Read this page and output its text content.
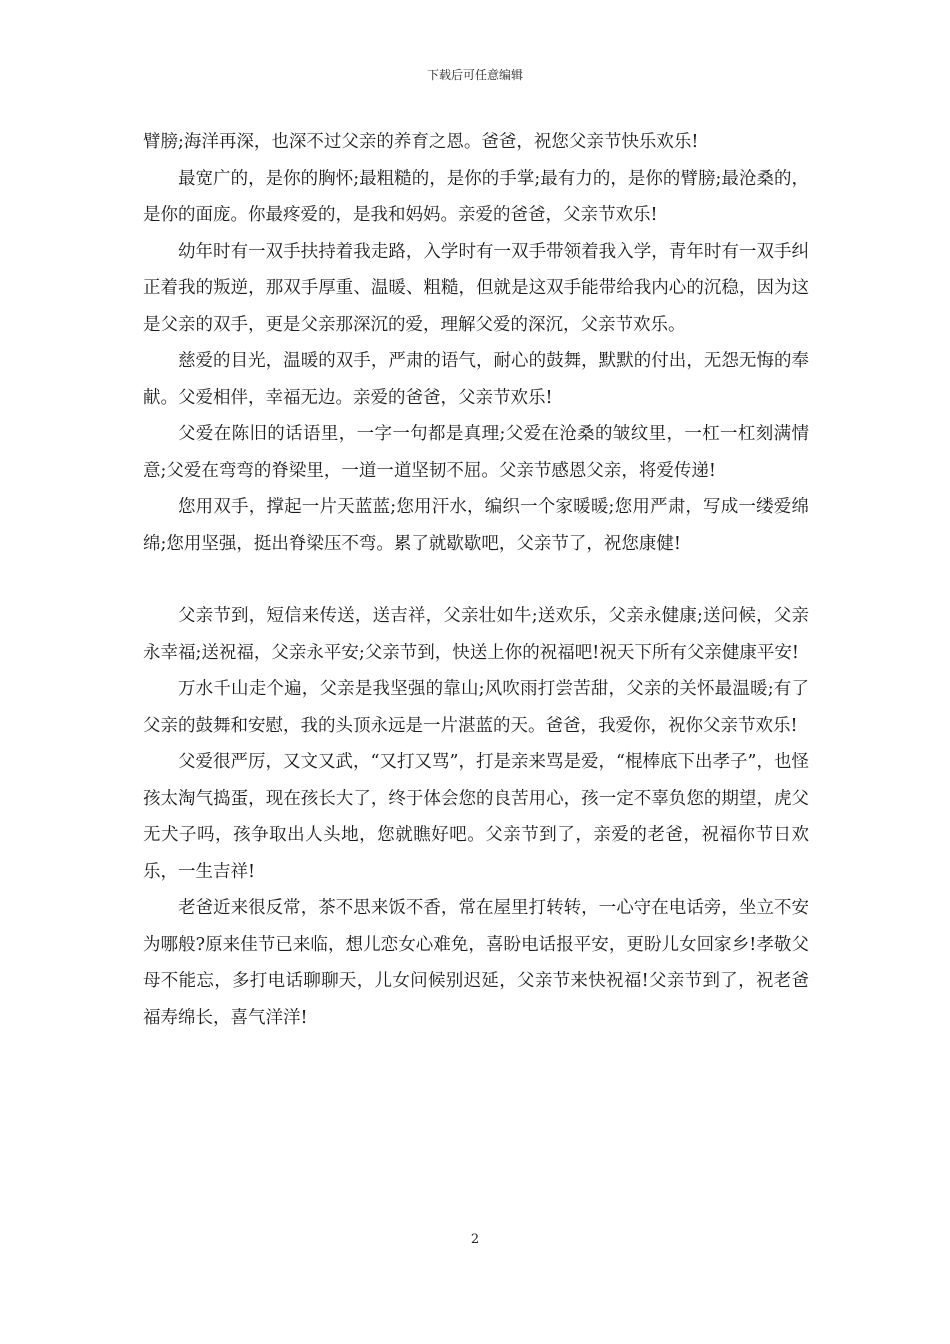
下载后可任意编辑

臂膀;海洋再深，也深不过父亲的养育之恩。爸爸，祝您父亲节快乐欢乐!

最宽广的，是你的胸怀;最粗糙的，是你的手掌;最有力的，是你的臂膀;最沧桑的，是你的面庞。你最疼爱的，是我和妈妈。亲爱的爸爸，父亲节欢乐!

幼年时有一双手扶持着我走路，入学时有一双手带领着我入学，青年时有一双手纠正着我的叛逆，那双手厚重、温暖、粗糙，但就是这双手能带给我内心的沉稳，因为这是父亲的双手，更是父亲那深沉的爱，理解父爱的深沉，父亲节欢乐。

慈爱的目光，温暖的双手，严肃的语气，耐心的鼓舞，默默的付出，无怨无悔的奉献。父爱相伴，幸福无边。亲爱的爸爸，父亲节欢乐!

父爱在陈旧的话语里，一字一句都是真理;父爱在沧桑的皱纹里，一杠一杠刻满情意;父爱在弯弯的脊梁里，一道一道坚韧不屈。父亲节感恩父亲，将爱传递!

您用双手，撑起一片天蓝蓝;您用汗水，编织一个家暖暖;您用严肃，写成一缕爱绵绵;您用坚强，挺出脊梁压不弯。累了就歇歇吧，父亲节了，祝您康健!

父亲节到，短信来传送，送吉祥，父亲壮如牛;送欢乐，父亲永健康;送问候，父亲永幸福;送祝福，父亲永平安;父亲节到，快送上你的祝福吧!祝天下所有父亲健康平安!

万水千山走个遍，父亲是我坚强的靠山;风吹雨打尝苦甜，父亲的关怀最温暖;有了父亲的鼓舞和安慰，我的头顶永远是一片湛蓝的天。爸爸，我爱你，祝你父亲节欢乐!

父爱很严厉，又文又武，“又打又骂”，打是亲来骂是爱，“棍棒底下出孝子”，也怪孩太淘气捣蛋，现在孩长大了，终于体会您的良苦用心，孩一定不辜负您的期望，虎父无犬子吗，孩争取出人头地，您就瞧好吧。父亲节到了，亲爱的老爸，祝福你节日欢乐，一生吉祥!

老爸近来很反常，茶不思来饭不香，常在屋里打转转，一心守在电话旁，坐立不安为哪般?原来佳节已来临，想儿恋女心难免，喜盼电话报平安，更盼儿女回家乡!孝敬父母不能忘，多打电话聊聊天，儿女问候别迟延，父亲节来快祝福!父亲节到了，祝老爸福寿绵长，喜气洋洋!

2
